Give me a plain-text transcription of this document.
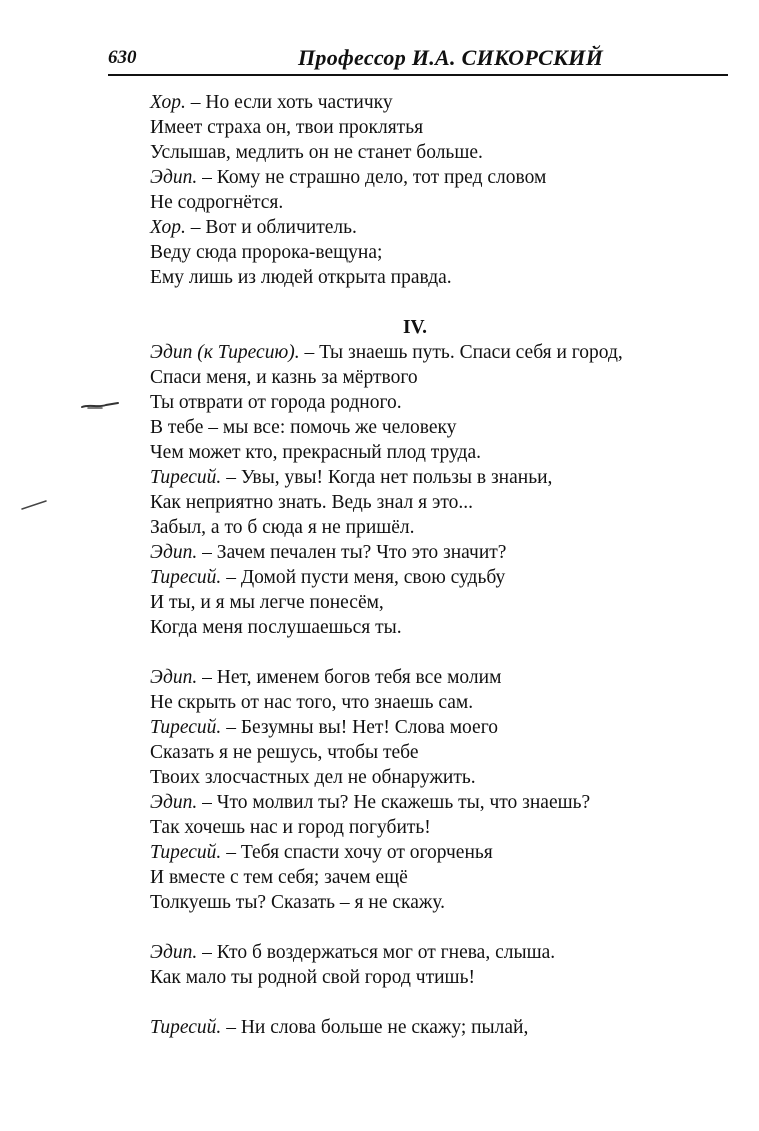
630	Профессор И.А. СИКОРСКИЙ
Хор. – Но если хоть частичку
Имеет страха он, твои проклятья
Услышав, медлить он не станет больше.
Эдип. – Кому не страшно дело, тот пред словом
Не содрогнётся.
Хор. – Вот и обличитель.
Веду сюда пророка-вещуна;
Ему лишь из людей открыта правда.
IV.
Эдип (к Тиресию). – Ты знаешь путь. Спаси себя и город,
Спаси меня, и казнь за мёртвого
Ты отврати от города родного.
В тебе – мы все: помочь же человеку
Чем может кто, прекрасный плод труда.
Тиресий. – Увы, увы! Когда нет пользы в знаньи,
Как неприятно знать. Ведь знал я это...
Забыл, а то б сюда я не пришёл.
Эдип. – Зачем печален ты? Что это значит?
Тиресий. – Домой пусти меня, свою судьбу
И ты, и я мы легче понесём,
Когда меня послушаешься ты.
Эдип. – Нет, именем богов тебя все молим
Не скрыть от нас того, что знаешь сам.
Тиресий. – Безумны вы! Нет! Слова моего
Сказать я не решусь, чтобы тебе
Твоих злосчастных дел не обнаружить.
Эдип. – Что молвил ты? Не скажешь ты, что знаешь?
Так хочешь нас и город погубить!
Тиресий. – Тебя спасти хочу от огорченья
И вместе с тем себя; зачем ещё
Толкуешь ты? Сказать – я не скажу.
Эдип. – Кто б воздержаться мог от гнева, слыша.
Как мало ты родной свой город чтишь!
Тиресий. – Ни слова больше не скажу; пылай,
